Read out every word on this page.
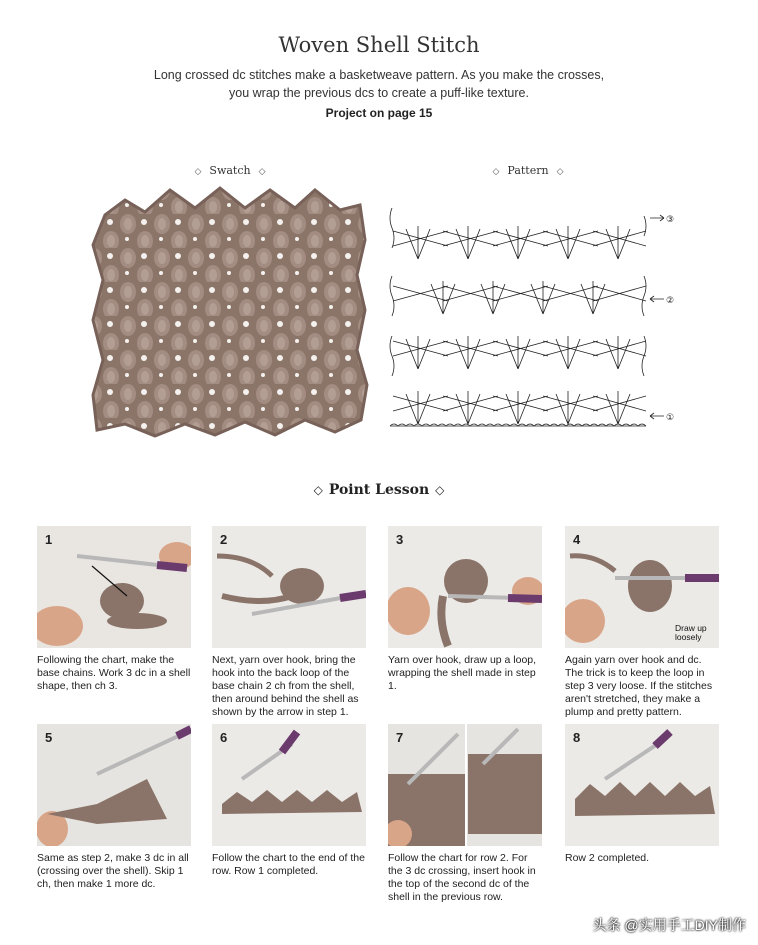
Woven Shell Stitch
Long crossed dc stitches make a basketweave pattern. As you make the crosses,
you wrap the previous dcs to create a puff-like texture.
Project on page 15
◇ Swatch ◇	◇ Pattern ◇
①
②
③
◇ Point Lesson ◇
1
Following the chart, make the base chains. Work 3 dc in a shell shape, then ch 3.
2
Next, yarn over hook, bring the hook into the back loop of the base chain 2 ch from the shell, then around behind the shell as shown by the arrow in step 1.
3
Yarn over hook, draw up a loop, wrapping the shell made in step 1.
4
Draw up loosely
Again yarn over hook and dc. The trick is to keep the loop in step 3 very loose. If the stitches aren't stretched, they make a plump and pretty pattern.
5
Same as step 2, make 3 dc in all (crossing over the shell). Skip 1 ch, then make 1 more dc.
6
Follow the chart to the end of the row. Row 1 completed.
7
Follow the chart for row 2. For the 3 dc crossing, insert hook in the top of the second dc of the shell in the previous row.
8
Row 2 completed.
头条 @实用手工DIY制作
